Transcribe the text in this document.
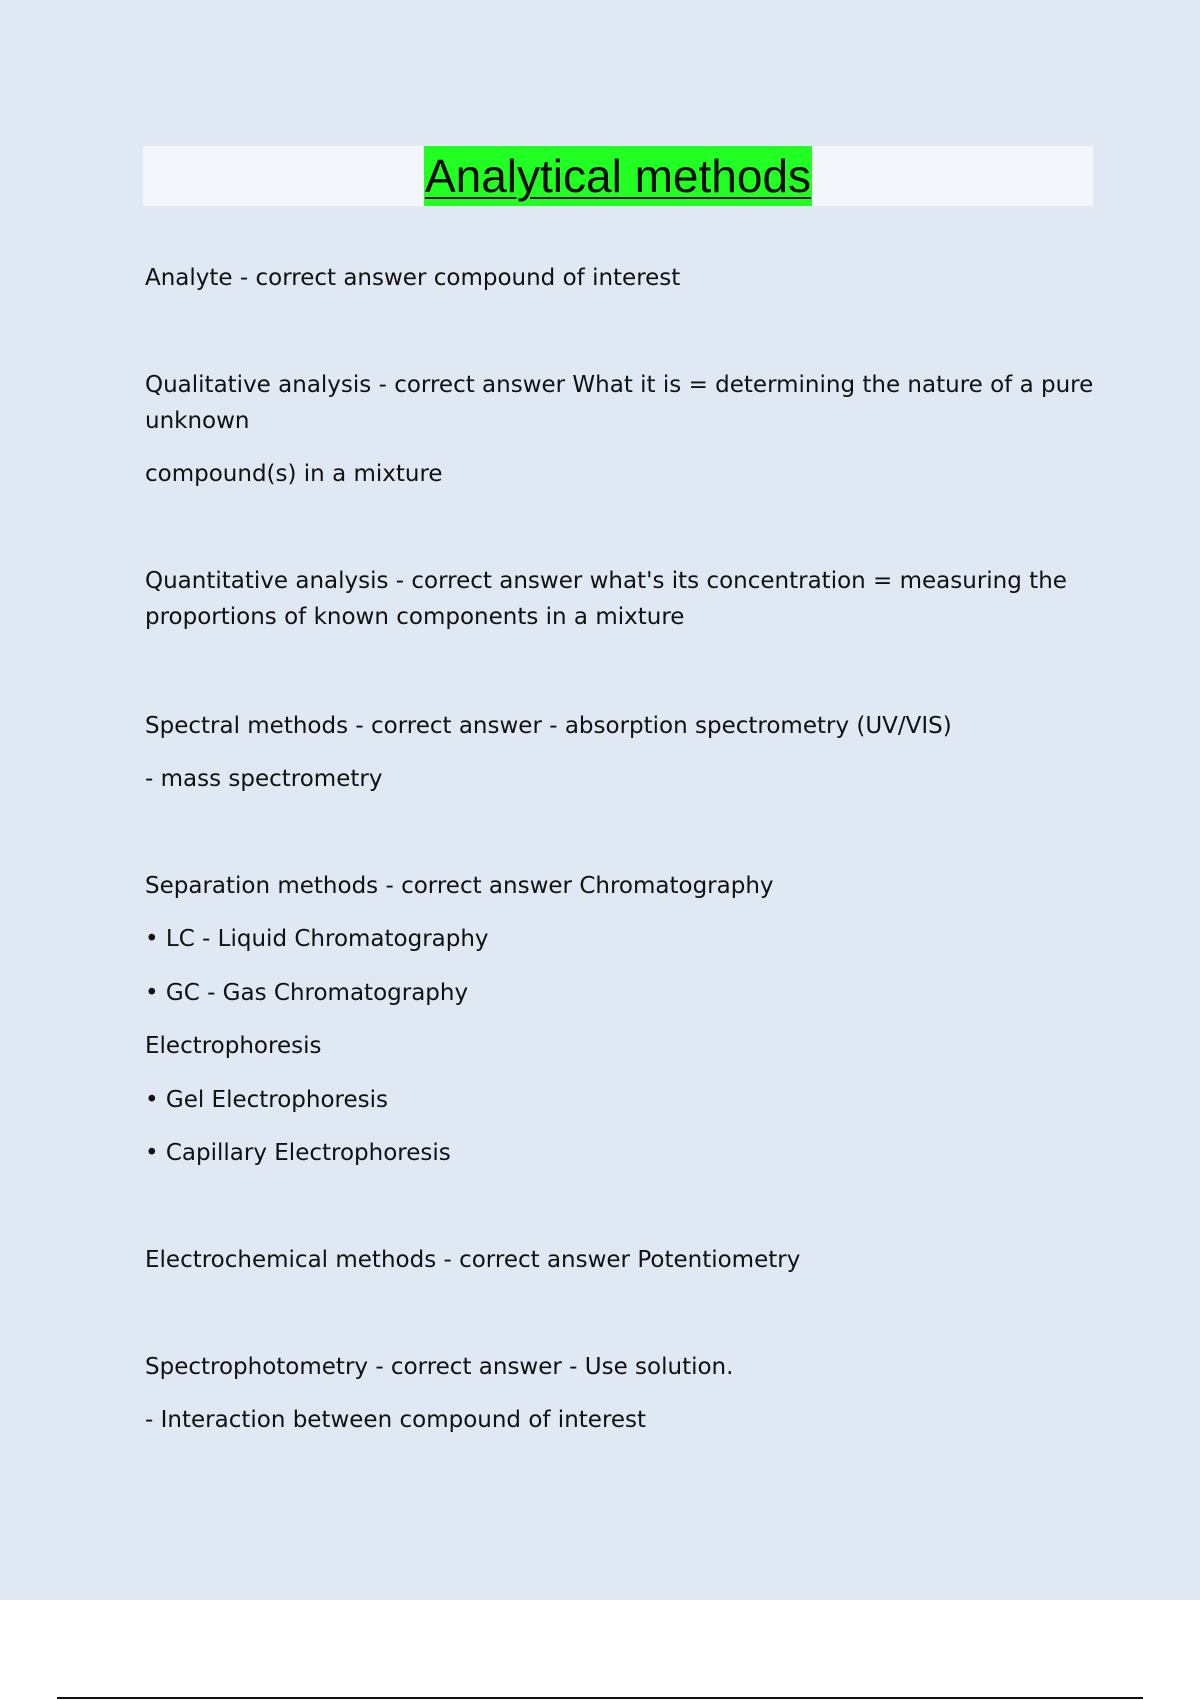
Analytical methods
Analyte - correct answer compound of interest
Qualitative analysis - correct answer What it is = determining the nature of a pure unknown
compound(s) in a mixture
Quantitative analysis - correct answer what's its concentration = measuring the proportions of known components in a mixture
Spectral methods - correct answer - absorption spectrometry (UV/VIS)
- mass spectrometry
Separation methods - correct answer Chromatography
• LC - Liquid Chromatography
• GC - Gas Chromatography
Electrophoresis
• Gel Electrophoresis
• Capillary Electrophoresis
Electrochemical methods - correct answer Potentiometry
Spectrophotometry - correct answer - Use solution.
- Interaction between compound of interest
